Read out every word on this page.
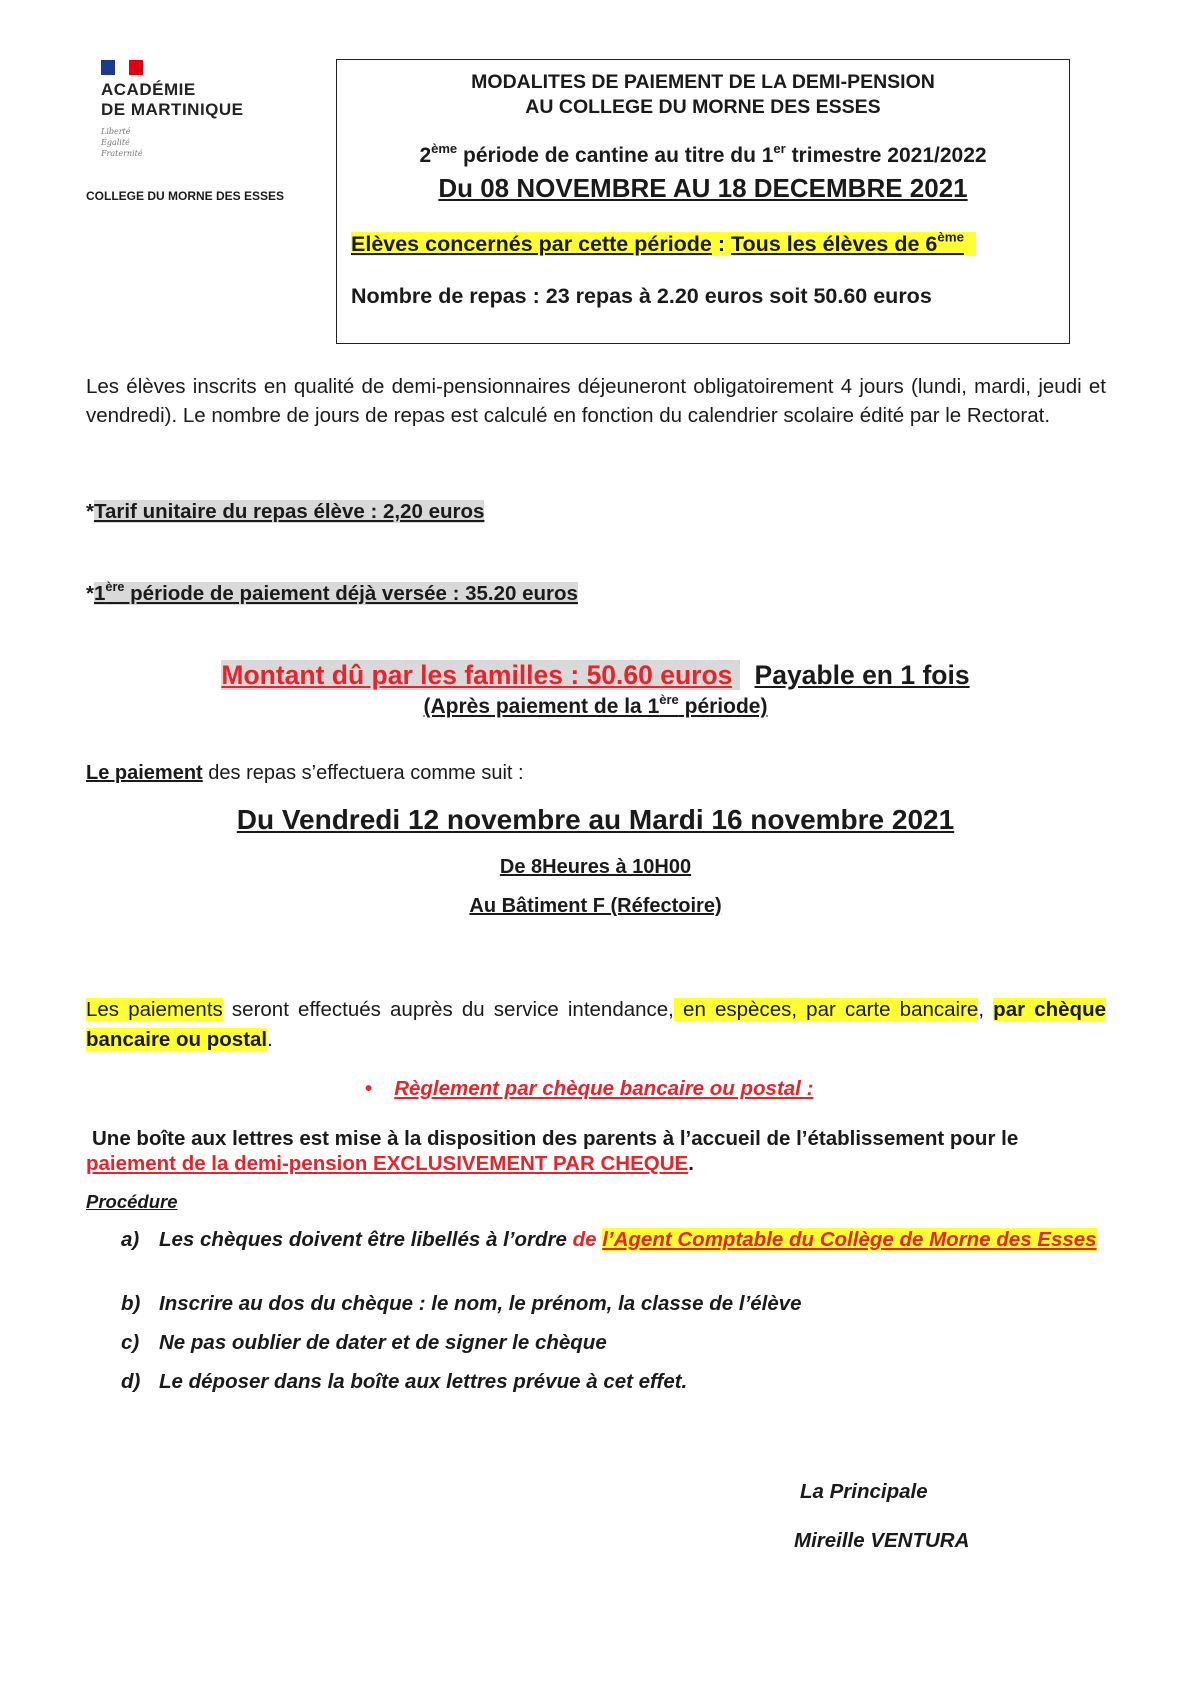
ACADÉMIE
DE MARTINIQUE
Liberté
Égalité
Fraternité
COLLEGE DU MORNE DES ESSES
MODALITES DE PAIEMENT DE LA DEMI-PENSION
AU COLLEGE DU MORNE DES ESSES
2ème période de cantine au titre du 1er trimestre 2021/2022
Du 08 NOVEMBRE AU 18 DECEMBRE 2021
Elèves concernés par cette période : Tous les élèves de 6ème
Nombre de repas : 23 repas à 2.20 euros soit 50.60 euros
Les élèves inscrits en qualité de demi-pensionnaires déjeuneront obligatoirement 4 jours (lundi, mardi, jeudi et vendredi). Le nombre de jours de repas est calculé en fonction du calendrier scolaire édité par le Rectorat.
*Tarif unitaire du repas élève : 2,20 euros
*1ère période de paiement déjà versée : 35.20 euros
Montant dû par les familles : 50.60 euros Payable en 1 fois
(Après paiement de la 1ère période)
Le paiement des repas s’effectuera comme suit :
Du Vendredi 12 novembre au Mardi 16 novembre 2021
De 8Heures à 10H00
Au Bâtiment F (Réfectoire)
Les paiements seront effectués auprès du service intendance, en espèces, par carte bancaire, par chèque bancaire ou postal.
• Règlement par chèque bancaire ou postal :
Une boîte aux lettres est mise à la disposition des parents à l’accueil de l’établissement pour le
paiement de la demi-pension EXCLUSIVEMENT PAR CHEQUE.
Procédure
a) Les chèques doivent être libellés à l’ordre de l’Agent Comptable du Collège de Morne des Esses
b) Inscrire au dos du chèque : le nom, le prénom, la classe de l’élève
c) Ne pas oublier de dater et de signer le chèque
d) Le déposer dans la boîte aux lettres prévue à cet effet.
La Principale
Mireille VENTURA
